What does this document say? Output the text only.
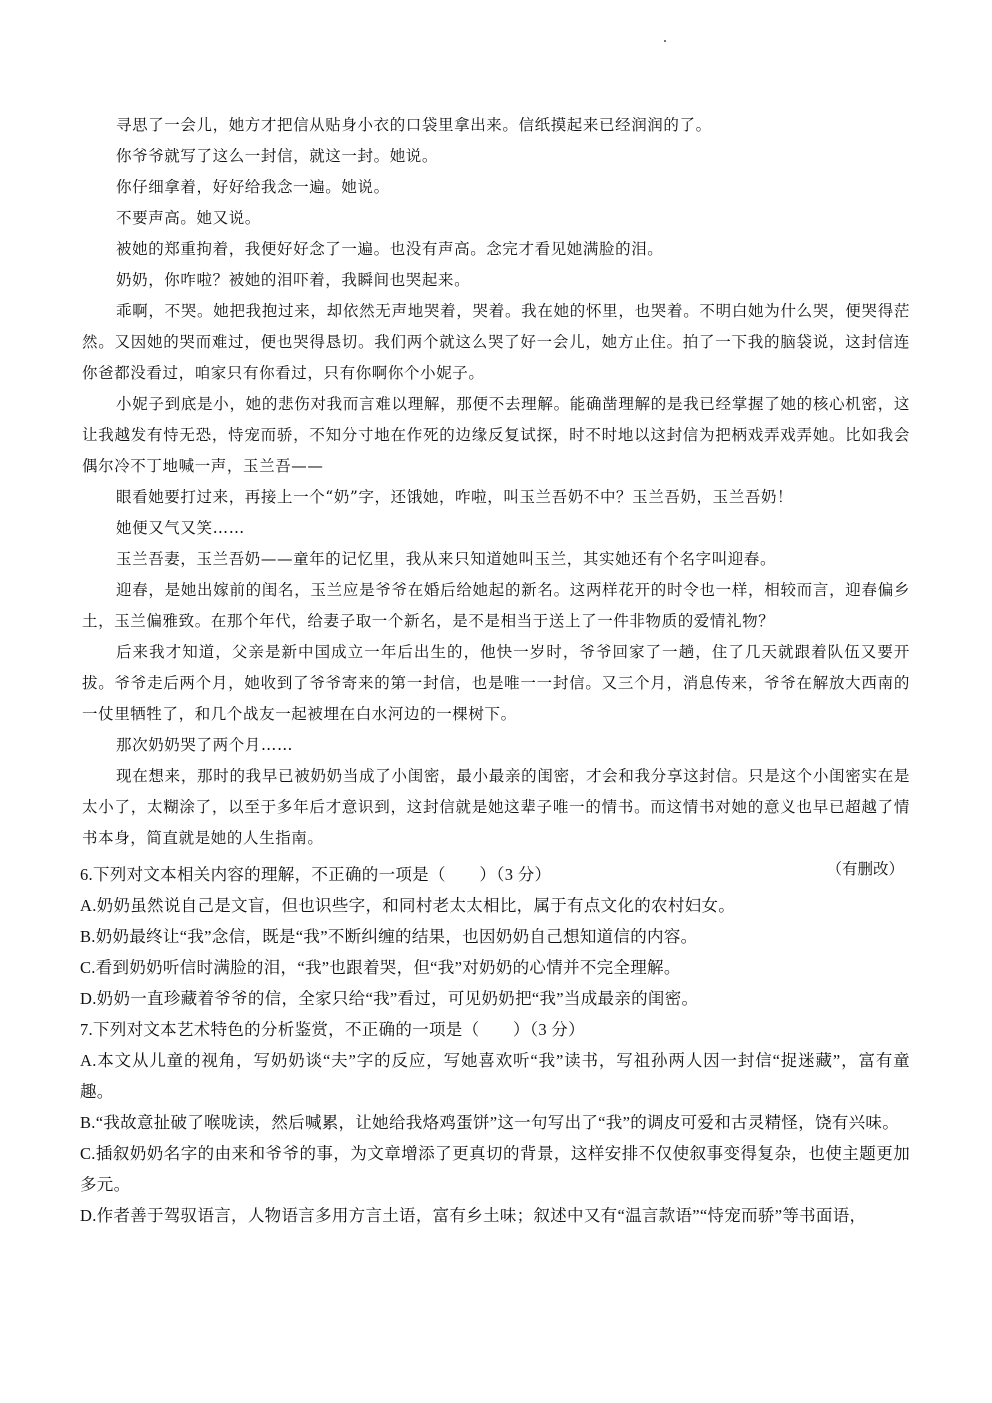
寻思了一会儿，她方才把信从贴身小衣的口袋里拿出来。信纸摸起来已经润润的了。

你爷爷就写了这么一封信，就这一封。她说。

你仔细拿着，好好给我念一遍。她说。

不要声高。她又说。

被她的郑重拘着，我便好好念了一遍。也没有声高。念完才看见她满脸的泪。

奶奶，你咋啦？被她的泪吓着，我瞬间也哭起来。

乖啊，不哭。她把我抱过来，却依然无声地哭着，哭着。我在她的怀里，也哭着。不明白她为什么哭，便哭得茫然。又因她的哭而难过，便也哭得恳切。我们两个就这么哭了好一会儿，她方止住。拍了一下我的脑袋说，这封信连你爸都没看过，咱家只有你看过，只有你啊你个小妮子。

小妮子到底是小，她的悲伤对我而言难以理解，那便不去理解。能确凿理解的是我已经掌握了她的核心机密，这让我越发有恃无恐，恃宠而骄，不知分寸地在作死的边缘反复试探，时不时地以这封信为把柄戏弄戏弄她。比如我会偶尔冷不丁地喊一声，玉兰吾——

眼看她要打过来，再接上一个“奶”字，还饿她，咋啦，叫玉兰吾奶不中？玉兰吾奶，玉兰吾奶！

她便又气又笑……

玉兰吾妻，玉兰吾奶——童年的记忆里，我从来只知道她叫玉兰，其实她还有个名字叫迎春。

迎春，是她出嫁前的闺名，玉兰应是爷爷在婚后给她起的新名。这两样花开的时令也一样，相较而言，迎春偏乡土，玉兰偏雅致。在那个年代，给妻子取一个新名，是不是相当于送上了一件非物质的爱情礼物？

后来我才知道，父亲是新中国成立一年后出生的，他快一岁时，爷爷回家了一趟，住了几天就跟着队伍又要开拔。爷爷走后两个月，她收到了爷爷寄来的第一封信，也是唯一一封信。又三个月，消息传来，爷爷在解放大西南的一仗里牺牲了，和几个战友一起被埋在白水河边的一棵树下。

那次奶奶哭了两个月……

现在想来，那时的我早已被奶奶当成了小闺密，最小最亲的闺密，才会和我分享这封信。只是这个小闺密实在是太小了，太糊涂了，以至于多年后才意识到，这封信就是她这辈子唯一的情书。而这情书对她的意义也早已超越了情书本身，简直就是她的人生指南。

（有删改）

6.下列对文本相关内容的理解，不正确的一项是（　　）（3 分）

A.奶奶虽然说自己是文盲，但也识些字，和同村老太太相比，属于有点文化的农村妇女。

B.奶奶最终让“我”念信，既是“我”不断纠缠的结果，也因奶奶自己想知道信的内容。

C.看到奶奶听信时满脸的泪，“我”也跟着哭，但“我”对奶奶的心情并不完全理解。

D.奶奶一直珍藏着爷爷的信，全家只给“我”看过，可见奶奶把“我”当成最亲的闺密。

7.下列对文本艺术特色的分析鉴赏，不正确的一项是（　　）（3 分）

A.本文从儿童的视角，写奶奶谈“夫”字的反应，写她喜欢听“我”读书，写祖孙两人因一封信“捉迷藏”，富有童趣。

B.“我故意扯破了喉咙读，然后喊累，让她给我烙鸡蛋饼”这一句写出了“我”的调皮可爱和古灵精怪，饶有兴味。

C.插叙奶奶名字的由来和爷爷的事，为文章增添了更真切的背景，这样安排不仅使叙事变得复杂，也使主题更加多元。

D.作者善于驾驭语言，人物语言多用方言土语，富有乡土味；叙述中又有“温言款语”“恃宠而骄”等书面语，
